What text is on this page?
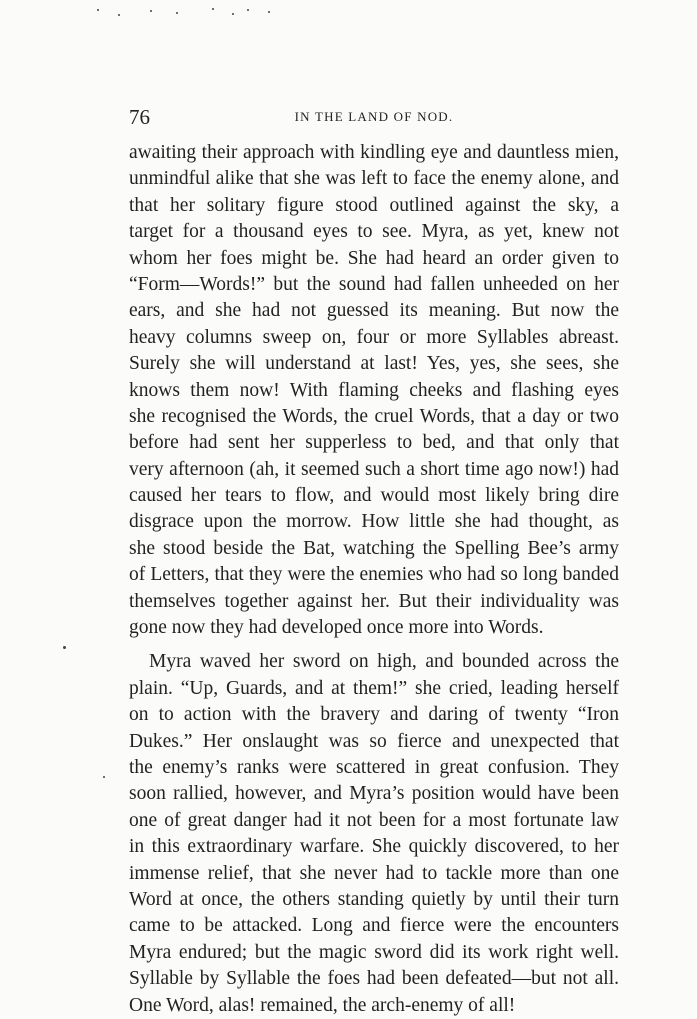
76	IN THE LAND OF NOD.
awaiting their approach with kindling eye and dauntless mien,
unmindful alike that she was left to face the enemy alone, and
that her solitary figure stood outlined against the sky, a
target for a thousand eyes to see. Myra, as yet, knew not
whom her foes might be. She had heard an order given to
“Form—Words!” but the sound had fallen unheeded on her
ears, and she had not guessed its meaning. But now the
heavy columns sweep on, four or more Syllables abreast.
Surely she will understand at last! Yes, yes, she sees, she
knows them now! With flaming cheeks and flashing eyes
she recognised the Words, the cruel Words, that a day or two
before had sent her supperless to bed, and that only that
very afternoon (ah, it seemed such a short time ago now!) had
caused her tears to flow, and would most likely bring dire
disgrace upon the morrow. How little she had thought, as
she stood beside the Bat, watching the Spelling Bee’s army
of Letters, that they were the enemies who had so long banded
themselves together against her. But their individuality was
gone now they had developed once more into Words.
Myra waved her sword on high, and bounded across the
plain. “Up, Guards, and at them!” she cried, leading herself
on to action with the bravery and daring of twenty “Iron
Dukes.” Her onslaught was so fierce and unexpected that
the enemy’s ranks were scattered in great confusion. They
soon rallied, however, and Myra’s position would have been
one of great danger had it not been for a most fortunate law
in this extraordinary warfare. She quickly discovered, to her
immense relief, that she never had to tackle more than one
Word at once, the others standing quietly by until their turn
came to be attacked. Long and fierce were the encounters
Myra endured; but the magic sword did its work right well.
Syllable by Syllable the foes had been defeated—but not all.
One Word, alas! remained, the arch-enemy of all!
